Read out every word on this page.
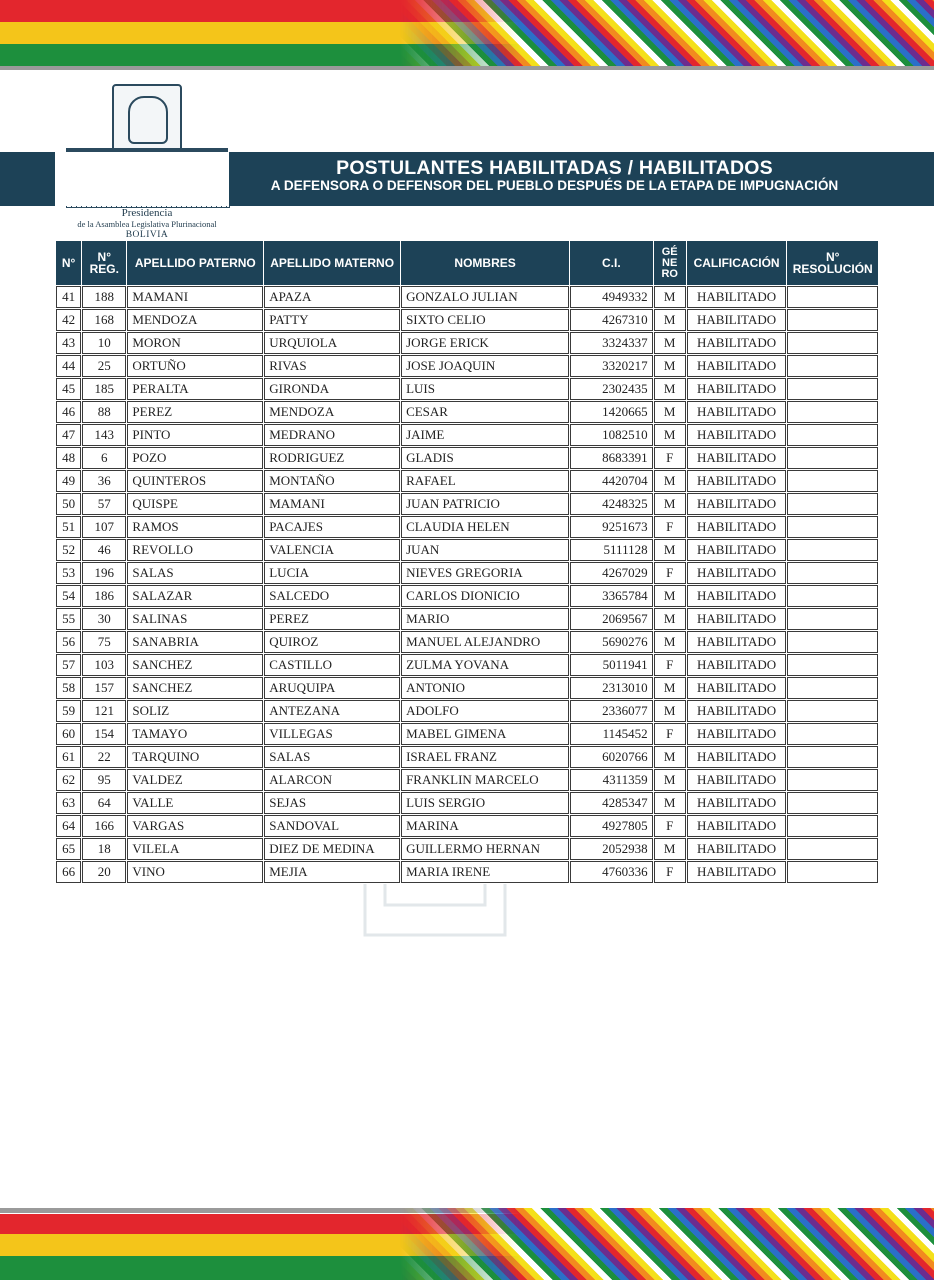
Presidencia
de la Asamblea Legislativa Plurinacional
BOLIVIA
POSTULANTES HABILITADAS / HABILITADOS
A DEFENSORA O DEFENSOR DEL PUEBLO DESPUÉS DE LA ETAPA DE IMPUGNACIÓN
N°	N° REG.	APELLIDO PATERNO	APELLIDO MATERNO	NOMBRES	C.I.	GÉ NE RO	CALIFICACIÓN	N° RESOLUCIÓN
41	188	MAMANI	APAZA	GONZALO JULIAN	4949332	M	HABILITADO	
42	168	MENDOZA	PATTY	SIXTO CELIO	4267310	M	HABILITADO	
43	10	MORON	URQUIOLA	JORGE ERICK	3324337	M	HABILITADO	
44	25	ORTUÑO	RIVAS	JOSE JOAQUIN	3320217	M	HABILITADO	
45	185	PERALTA	GIRONDA	LUIS	2302435	M	HABILITADO	
46	88	PEREZ	MENDOZA	CESAR	1420665	M	HABILITADO	
47	143	PINTO	MEDRANO	JAIME	1082510	M	HABILITADO	
48	6	POZO	RODRIGUEZ	GLADIS	8683391	F	HABILITADO	
49	36	QUINTEROS	MONTAÑO	RAFAEL	4420704	M	HABILITADO	
50	57	QUISPE	MAMANI	JUAN PATRICIO	4248325	M	HABILITADO	
51	107	RAMOS	PACAJES	CLAUDIA HELEN	9251673	F	HABILITADO	
52	46	REVOLLO	VALENCIA	JUAN	5111128	M	HABILITADO	
53	196	SALAS	LUCIA	NIEVES GREGORIA	4267029	F	HABILITADO	
54	186	SALAZAR	SALCEDO	CARLOS DIONICIO	3365784	M	HABILITADO	
55	30	SALINAS	PEREZ	MARIO	2069567	M	HABILITADO	
56	75	SANABRIA	QUIROZ	MANUEL ALEJANDRO	5690276	M	HABILITADO	
57	103	SANCHEZ	CASTILLO	ZULMA YOVANA	5011941	F	HABILITADO	
58	157	SANCHEZ	ARUQUIPA	ANTONIO	2313010	M	HABILITADO	
59	121	SOLIZ	ANTEZANA	ADOLFO	2336077	M	HABILITADO	
60	154	TAMAYO	VILLEGAS	MABEL GIMENA	1145452	F	HABILITADO	
61	22	TARQUINO	SALAS	ISRAEL FRANZ	6020766	M	HABILITADO	
62	95	VALDEZ	ALARCON	FRANKLIN MARCELO	4311359	M	HABILITADO	
63	64	VALLE	SEJAS	LUIS SERGIO	4285347	M	HABILITADO	
64	166	VARGAS	SANDOVAL	MARINA	4927805	F	HABILITADO	
65	18	VILELA	DIEZ DE MEDINA	GUILLERMO HERNAN	2052938	M	HABILITADO	
66	20	VINO	MEJIA	MARIA IRENE	4760336	F	HABILITADO	
